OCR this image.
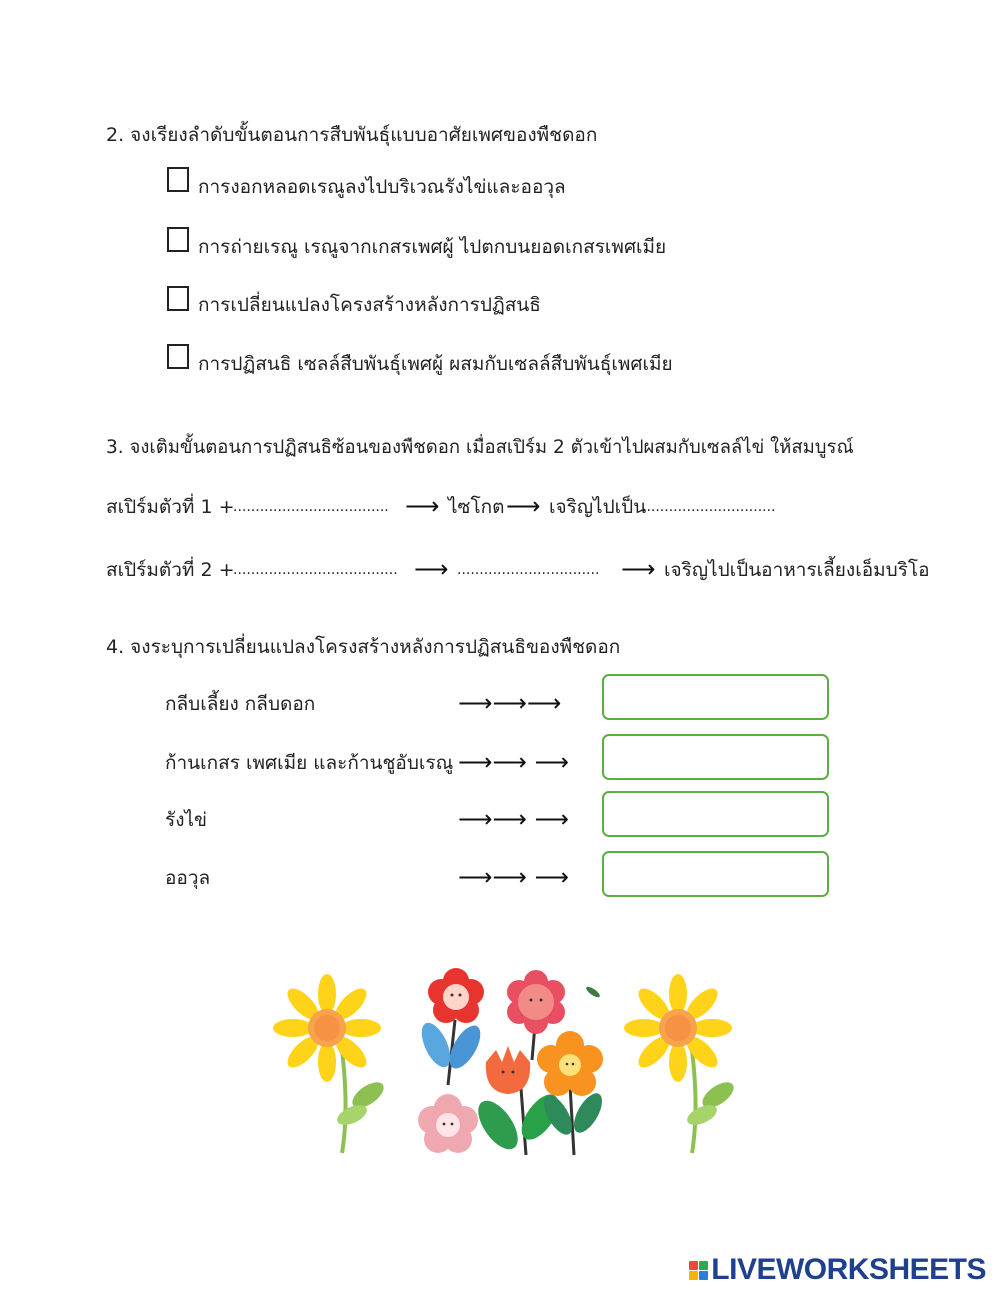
2. จงเรียงลำดับขั้นตอนการสืบพันธุ์แบบอาศัยเพศของพืชดอก
การงอกหลอดเรณูลงไปบริเวณรังไข่และออวุล
การถ่ายเรณู เรณูจากเกสรเพศผู้ ไปตกบนยอดเกสรเพศเมีย
การเปลี่ยนแปลงโครงสร้างหลังการปฏิสนธิ
การปฏิสนธิ เซลล์สืบพันธุ์เพศผู้ ผสมกับเซลล์สืบพันธุ์เพศเมีย
3. จงเติมขั้นตอนการปฏิสนธิซ้อนของพืชดอก เมื่อสเปิร์ม 2 ตัวเข้าไปผสมกับเซลล์ไข่ ให้สมบูรณ์
สเปิร์มตัวที่ 1 +
................................... ⟶ ไซโกต ⟶ เจริญไปเป็น
..............................
สเปิร์มตัวที่ 2 +
..................................... ⟶ ................................ ⟶ เจริญไปเป็นอาหารเลี้ยงเอ็มบริโอ
4. จงระบุการเปลี่ยนแปลงโครงสร้างหลังการปฏิสนธิของพืชดอก
กลีบเลี้ยง กลีบดอก	⟶⟶⟶
ก้านเกสร เพศเมีย และก้านชูอับเรณู ⟶⟶ ⟶
รังไข่	⟶⟶ ⟶
ออวุล	⟶⟶ ⟶
LIVEWORKSHEETS
